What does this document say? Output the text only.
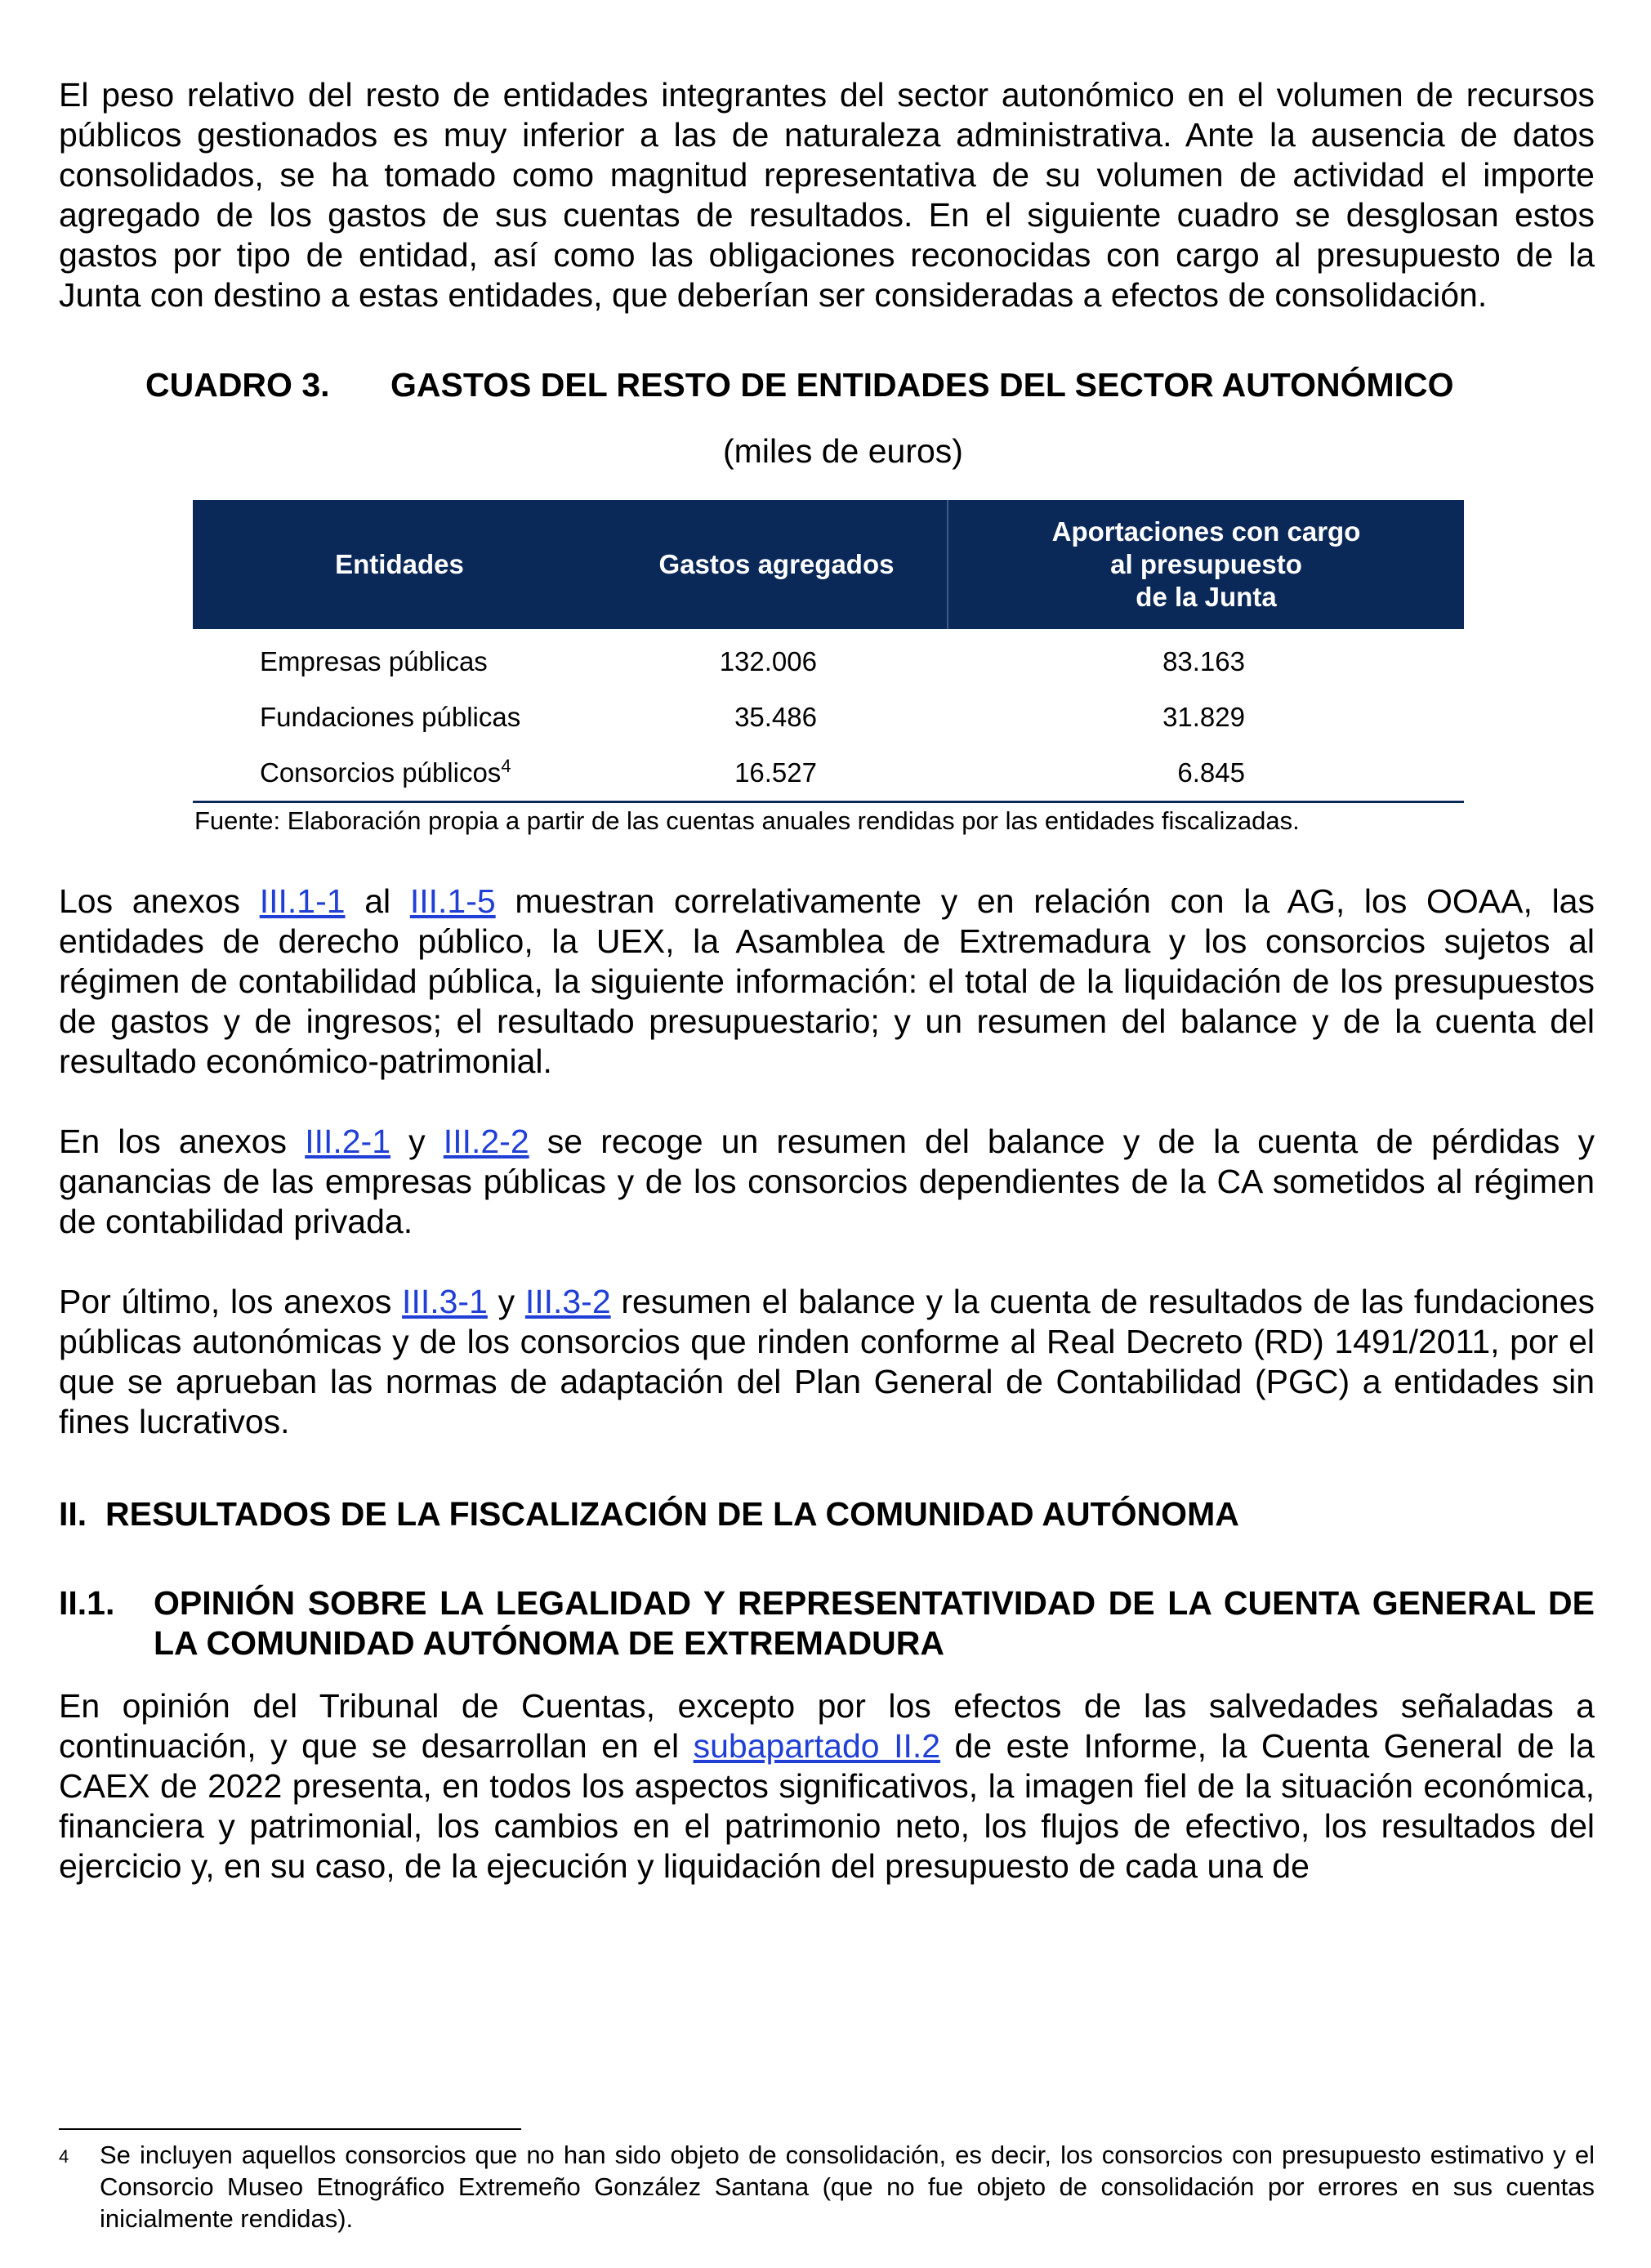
El peso relativo del resto de entidades integrantes del sector autonómico en el volumen de recursos públicos gestionados es muy inferior a las de naturaleza administrativa. Ante la ausencia de datos consolidados, se ha tomado como magnitud representativa de su volumen de actividad el importe agregado de los gastos de sus cuentas de resultados. En el siguiente cuadro se desglosan estos gastos por tipo de entidad, así como las obligaciones reconocidas con cargo al presupuesto de la Junta con destino a estas entidades, que deberían ser consideradas a efectos de consolidación.

CUADRO 3. GASTOS DEL RESTO DE ENTIDADES DEL SECTOR AUTONÓMICO
(miles de euros)
Entidades	Gastos agregados	Aportaciones con cargo
al presupuesto
de la Junta

Empresas públicas	132.006	83.163
Fundaciones públicas	35.486	31.829
Consorcios públicos$^4$	16.527	6.845
Fuente: Elaboración propia a partir de las cuentas anuales rendidas por las entidades fiscalizadas.

Los anexos III.1-1 al III.1-5 muestran correlativamente y en relación con la AG, los OOAA, las entidades de derecho público, la UEX, la Asamblea de Extremadura y los consorcios sujetos al régimen de contabilidad pública, la siguiente información: el total de la liquidación de los presupuestos de gastos y de ingresos; el resultado presupuestario; y un resumen del balance y de la cuenta del resultado económico-patrimonial.

En los anexos III.2-1 y III.2-2 se recoge un resumen del balance y de la cuenta de pérdidas y ganancias de las empresas públicas y de los consorcios dependientes de la CA sometidos al régimen de contabilidad privada.

Por último, los anexos III.3-1 y III.3-2 resumen el balance y la cuenta de resultados de las fundaciones públicas autonómicas y de los consorcios que rinden conforme al Real Decreto (RD) 1491/2011, por el que se aprueban las normas de adaptación del Plan General de Contabilidad (PGC) a entidades sin fines lucrativos.

II. RESULTADOS DE LA FISCALIZACIÓN DE LA COMUNIDAD AUTÓNOMA
II.1.	OPINIÓN SOBRE LA LEGALIDAD Y REPRESENTATIVIDAD DE LA CUENTA GENERAL DE LA COMUNIDAD AUTÓNOMA DE EXTREMADURA

En opinión del Tribunal de Cuentas, excepto por los efectos de las salvedades señaladas a continuación, y que se desarrollan en el subapartado II.2 de este Informe, la Cuenta General de la CAEX de 2022 presenta, en todos los aspectos significativos, la imagen fiel de la situación económica, financiera y patrimonial, los cambios en el patrimonio neto, los flujos de efectivo, los resultados del ejercicio y, en su caso, de la ejecución y liquidación del presupuesto de cada una de

4	Se incluyen aquellos consorcios que no han sido objeto de consolidación, es decir, los consorcios con presupuesto estimativo y el Consorcio Museo Etnográfico Extremeño González Santana (que no fue objeto de consolidación por errores en sus cuentas inicialmente rendidas).
